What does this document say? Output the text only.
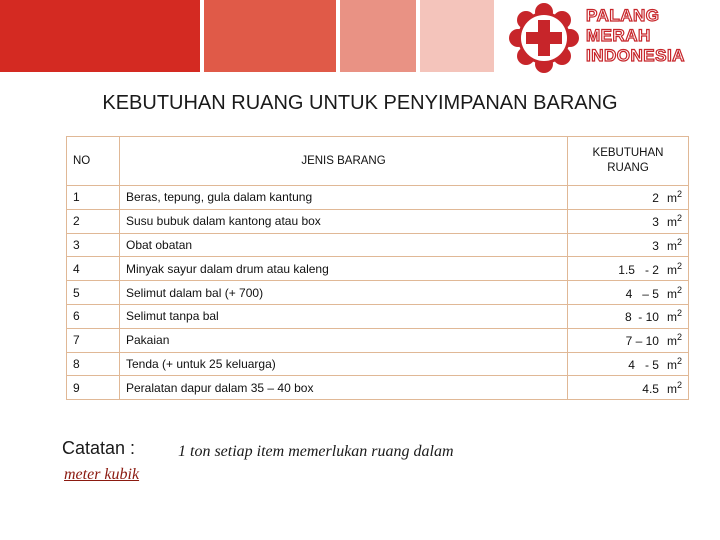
PALANG
MERAH
INDONESIA
KEBUTUHAN RUANG UNTUK PENYIMPANAN BARANG
NO	JENIS BARANG	KEBUTUHAN RUANG
1	Beras, tepung, gula dalam kantung	2 $m^2$
2	Susu bubuk dalam kantong atau box	3 $m^2$
3	Obat obatan	3 $m^2$
4	Minyak sayur dalam drum atau kaleng	1.5   - 2 $m^2$
5	Selimut dalam bal (+ 700)	4   – 5 $m^2$
6	Selimut tanpa bal	8  - 10 $m^2$
7	Pakaian	7 – 10 $m^2$
8	Tenda (+ untuk 25 keluarga)	4   - 5 $m^2$
9	Peralatan dapur dalam 35 – 40 box	4.5 $m^2$
Catatan :	1 ton setiap item memerlukan ruang dalam
meter kubik
